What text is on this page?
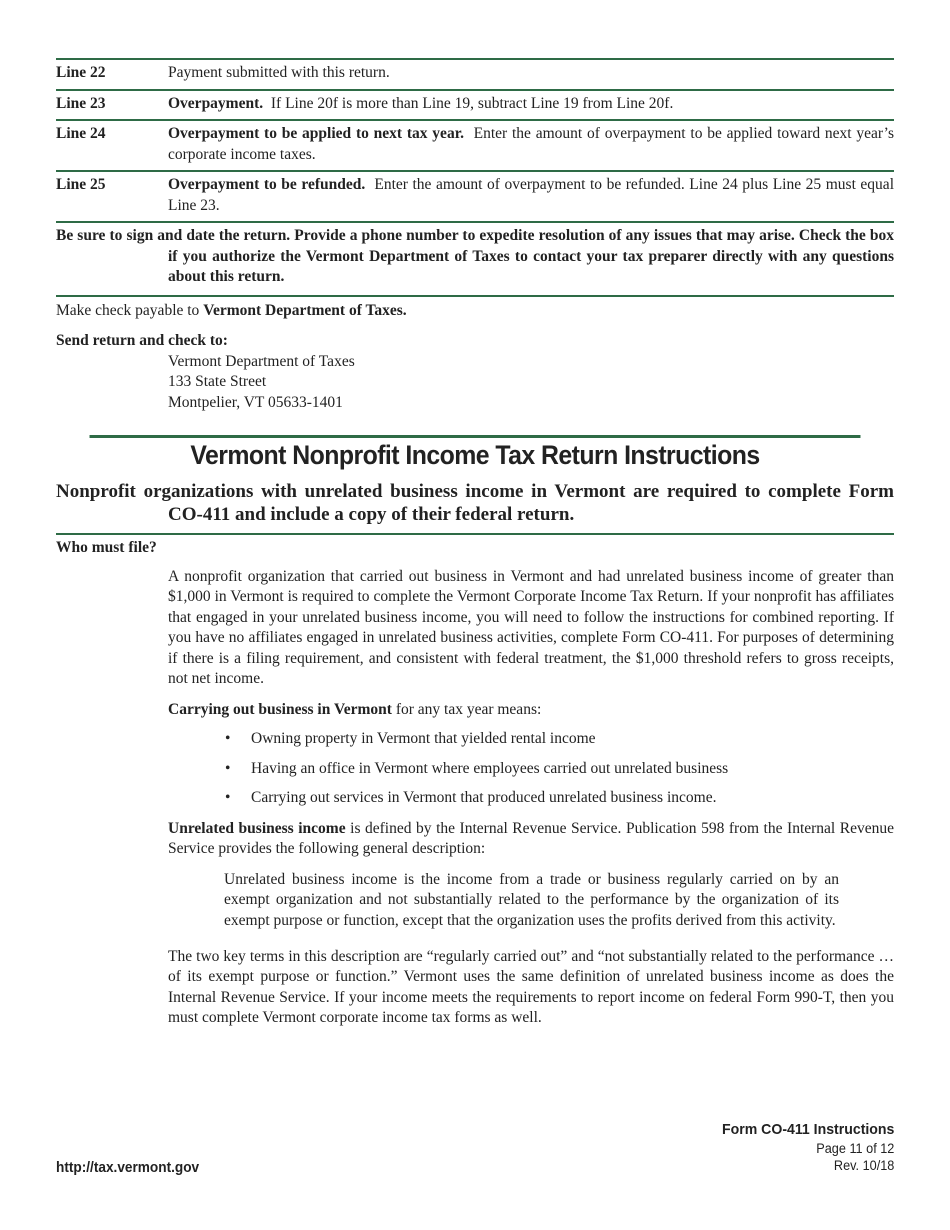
Line 22	Payment submitted with this return.
Line 23	Overpayment. If Line 20f is more than Line 19, subtract Line 19 from Line 20f.
Line 24	Overpayment to be applied to next tax year. Enter the amount of overpayment to be applied toward next year’s corporate income taxes.
Line 25	Overpayment to be refunded. Enter the amount of overpayment to be refunded. Line 24 plus Line 25 must equal Line 23.
Be sure to sign and date the return. Provide a phone number to expedite resolution of any issues that may arise. Check the box if you authorize the Vermont Department of Taxes to contact your tax preparer directly with any questions about this return.
Make check payable to Vermont Department of Taxes.
Send return and check to:
Vermont Department of Taxes
133 State Street
Montpelier, VT 05633-1401
Vermont Nonprofit Income Tax Return Instructions
Nonprofit organizations with unrelated business income in Vermont are required to complete Form CO-411 and include a copy of their federal return.
Who must file?

A nonprofit organization that carried out business in Vermont and had unrelated business income of greater than $1,000 in Vermont is required to complete the Vermont Corporate Income Tax Return. If your nonprofit has affiliates that engaged in your unrelated business income, you will need to follow the instructions for combined reporting. If you have no affiliates engaged in unrelated business activities, complete Form CO-411. For purposes of determining if there is a filing requirement, and consistent with federal treatment, the $1,000 threshold refers to gross receipts, not net income.

Carrying out business in Vermont for any tax year means:

• Owning property in Vermont that yielded rental income
• Having an office in Vermont where employees carried out unrelated business
• Carrying out services in Vermont that produced unrelated business income.

Unrelated business income is defined by the Internal Revenue Service. Publication 598 from the Internal Revenue Service provides the following general description:

Unrelated business income is the income from a trade or business regularly carried on by an exempt organization and not substantially related to the performance by the organization of its exempt purpose or function, except that the organization uses the profits derived from this activity.

The two key terms in this description are “regularly carried out” and “not substantially related to the performance … of its exempt purpose or function.” Vermont uses the same definition of unrelated business income as does the Internal Revenue Service. If your income meets the requirements to report income on federal Form 990-T, then you must complete Vermont corporate income tax forms as well.

Form CO-411 Instructions
Page 11 of 12
Rev. 10/18
http://tax.vermont.gov
